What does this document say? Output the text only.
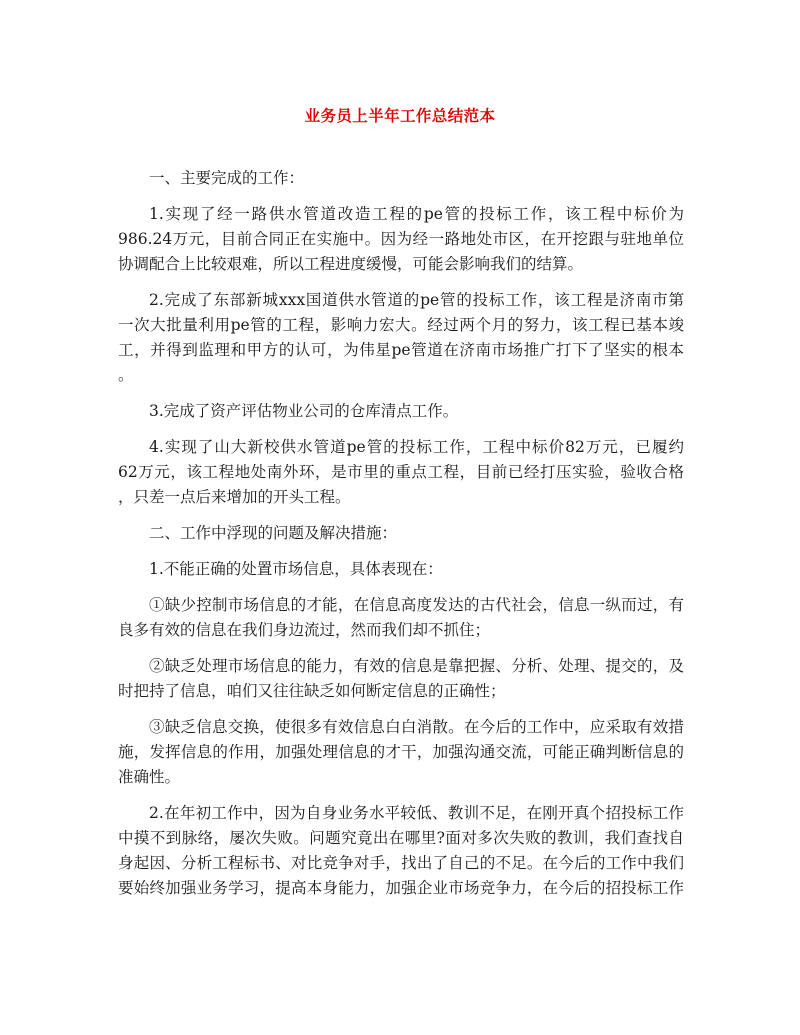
业务员上半年工作总结范本
一、主要完成的工作：
1.实现了经一路供水管道改造工程的pe管的投标工作，该工程中标价为
986.24万元，目前合同正在实施中。因为经一路地处市区，在开挖跟与驻地单位
协调配合上比较艰难，所以工程进度缓慢，可能会影响我们的结算。
2.完成了东部新城xxx国道供水管道的pe管的投标工作，该工程是济南市第
一次大批量利用pe管的工程，影响力宏大。经过两个月的努力，该工程已基本竣
工，并得到监理和甲方的认可，为伟星pe管道在济南市场推广打下了坚实的根本
。
3.完成了资产评估物业公司的仓库清点工作。
4.实现了山大新校供水管道pe管的投标工作，工程中标价82万元，已履约
62万元，该工程地处南外环，是市里的重点工程，目前已经打压实验，验收合格
，只差一点后来增加的开头工程。
二、工作中浮现的问题及解决措施：
1.不能正确的处置市场信息，具体表现在：
①缺少控制市场信息的才能，在信息高度发达的古代社会，信息一纵而过，有
良多有效的信息在我们身边流过，然而我们却不抓住；
②缺乏处理市场信息的能力，有效的信息是靠把握、分析、处理、提交的，及
时把持了信息，咱们又往往缺乏如何断定信息的正确性；
③缺乏信息交换，使很多有效信息白白消散。在今后的工作中，应采取有效措
施，发挥信息的作用，加强处理信息的才干，加强沟通交流，可能正确判断信息的
准确性。
2.在年初工作中，因为自身业务水平较低、教训不足，在刚开真个招投标工作
中摸不到脉络，屡次失败。问题究竟出在哪里?面对多次失败的教训，我们查找自
身起因、分析工程标书、对比竞争对手，找出了自己的不足。在今后的工作中我们
要始终加强业务学习，提高本身能力，加强企业市场竞争力，在今后的招投标工作
